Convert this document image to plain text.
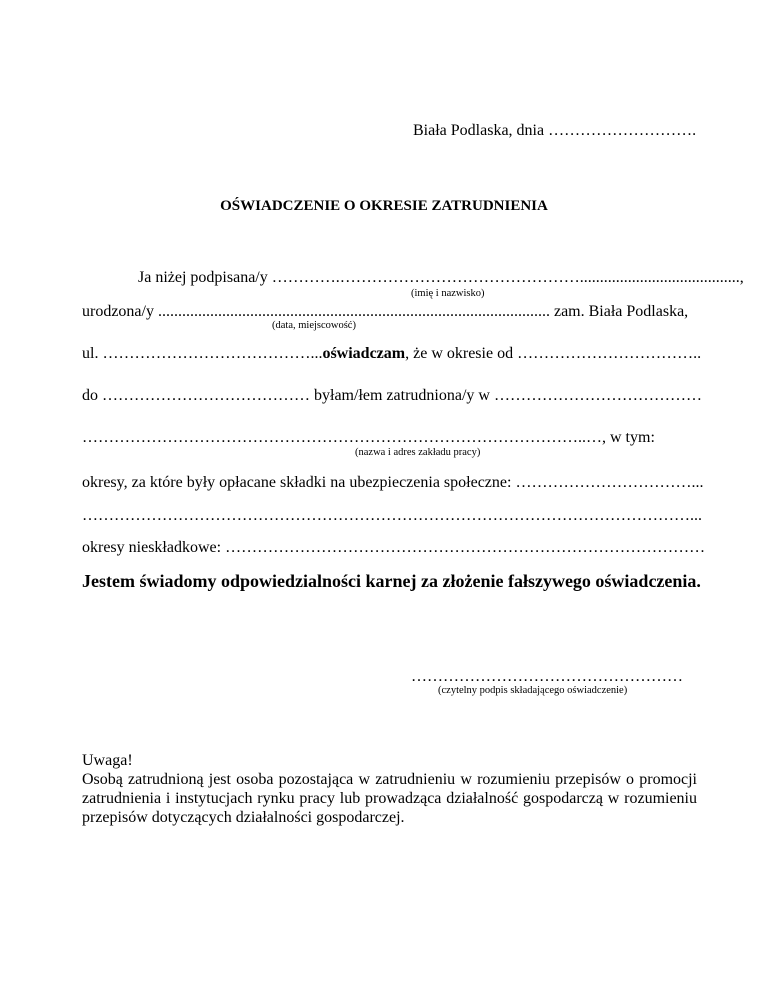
Biała Podlaska, dnia ……………………….
OŚWIADCZENIE O OKRESIE ZATRUDNIENIA
Ja niżej podpisana/y ………….………………………………………........................................,
(imię i nazwisko)
urodzona/y .................................................................................................. zam. Biała Podlaska,
(data, miejscowość)
ul. …………………………………...oświadczam, że w okresie od ……………………………..
do ………………………………… byłam/łem zatrudniona/y w …………………………………
…………………………………………………………………………………..…, w tym:
(nazwa i adres zakładu pracy)
okresy, za które były opłacane składki na ubezpieczenia społeczne: ……………………………...
……………………………………………………………………………………………………...
okresy nieskładkowe: ………………………………………………………………………………
Jestem świadomy odpowiedzialności karnej za złożenie fałszywego oświadczenia.
……………………………………………
(czytelny podpis składającego oświadczenie)
Uwaga!
Osobą zatrudnioną jest osoba pozostająca w zatrudnieniu w rozumieniu przepisów o promocji
zatrudnienia i instytucjach rynku pracy lub prowadząca działalność gospodarczą w rozumieniu
przepisów dotyczących działalności gospodarczej.
